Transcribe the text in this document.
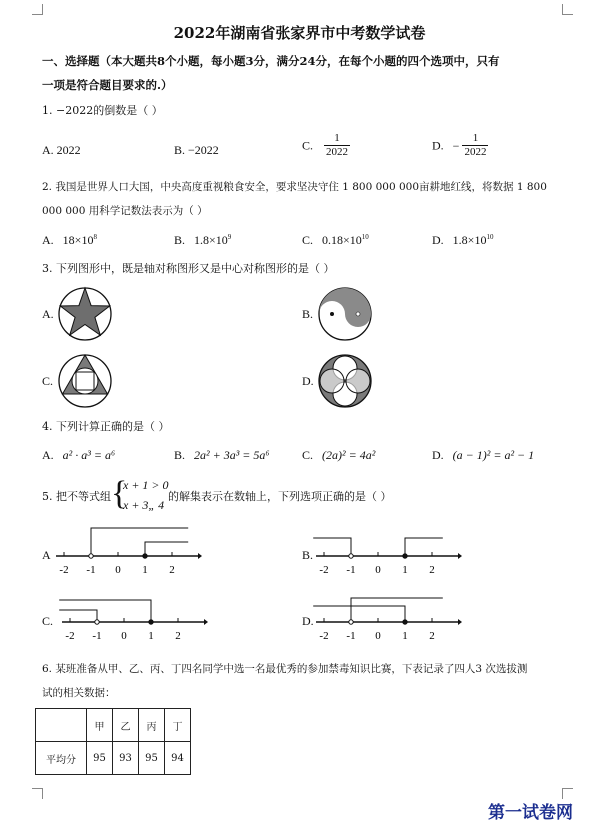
2022年湖南省张家界市中考数学试卷
一、选择题（本大题共8个小题，每小题3分，满分24分，在每个小题的四个选项中，只有
一项是符合题目要求的.）
1. −2022的倒数是（ ）
A. 2022	B. −2022	C. $\frac{1}{2022}$	D. − $\frac{1}{2022}$
2. 我国是世界人口大国，中央高度重视粮食安全，要求坚决守住 1 800 000 000亩耕地红线，将数据 1 800
000 000 用科学记数法表示为（ ）
A. $18\times 10^8$	B. $1.8\times 10^9$	C. $0.18\times 10^{10}$	D. $1.8\times 10^{10}$
3. 下列图形中，既是轴对称图形又是中心对称图形的是（ ）
A.	B.
C.	D.
4. 下列计算正确的是（ ）
A. a² · a³ = a⁶	B. 2a² + 3a³ = 5a⁶	C. (2a)² = 4a²	D. (a − 1)² = a² − 1
5. 把不等式组 {
x + 1 > 0
x + 3„ 4
的解集表示在数轴上，下列选项正确的是（ ）
A
-2 -1 0 1 2
B.
-2 -1 0 1 2
C.
-2 -1 0 1 2
D.
-2 -1 0 1 2
6. 某班准备从甲、乙、丙、丁四名同学中选一名最优秀的参加禁毒知识比赛，下表记录了四人3 次选拔测
试的相关数据：
	甲	乙	丙	丁
平均分	95	93	95	94
第一试卷网
